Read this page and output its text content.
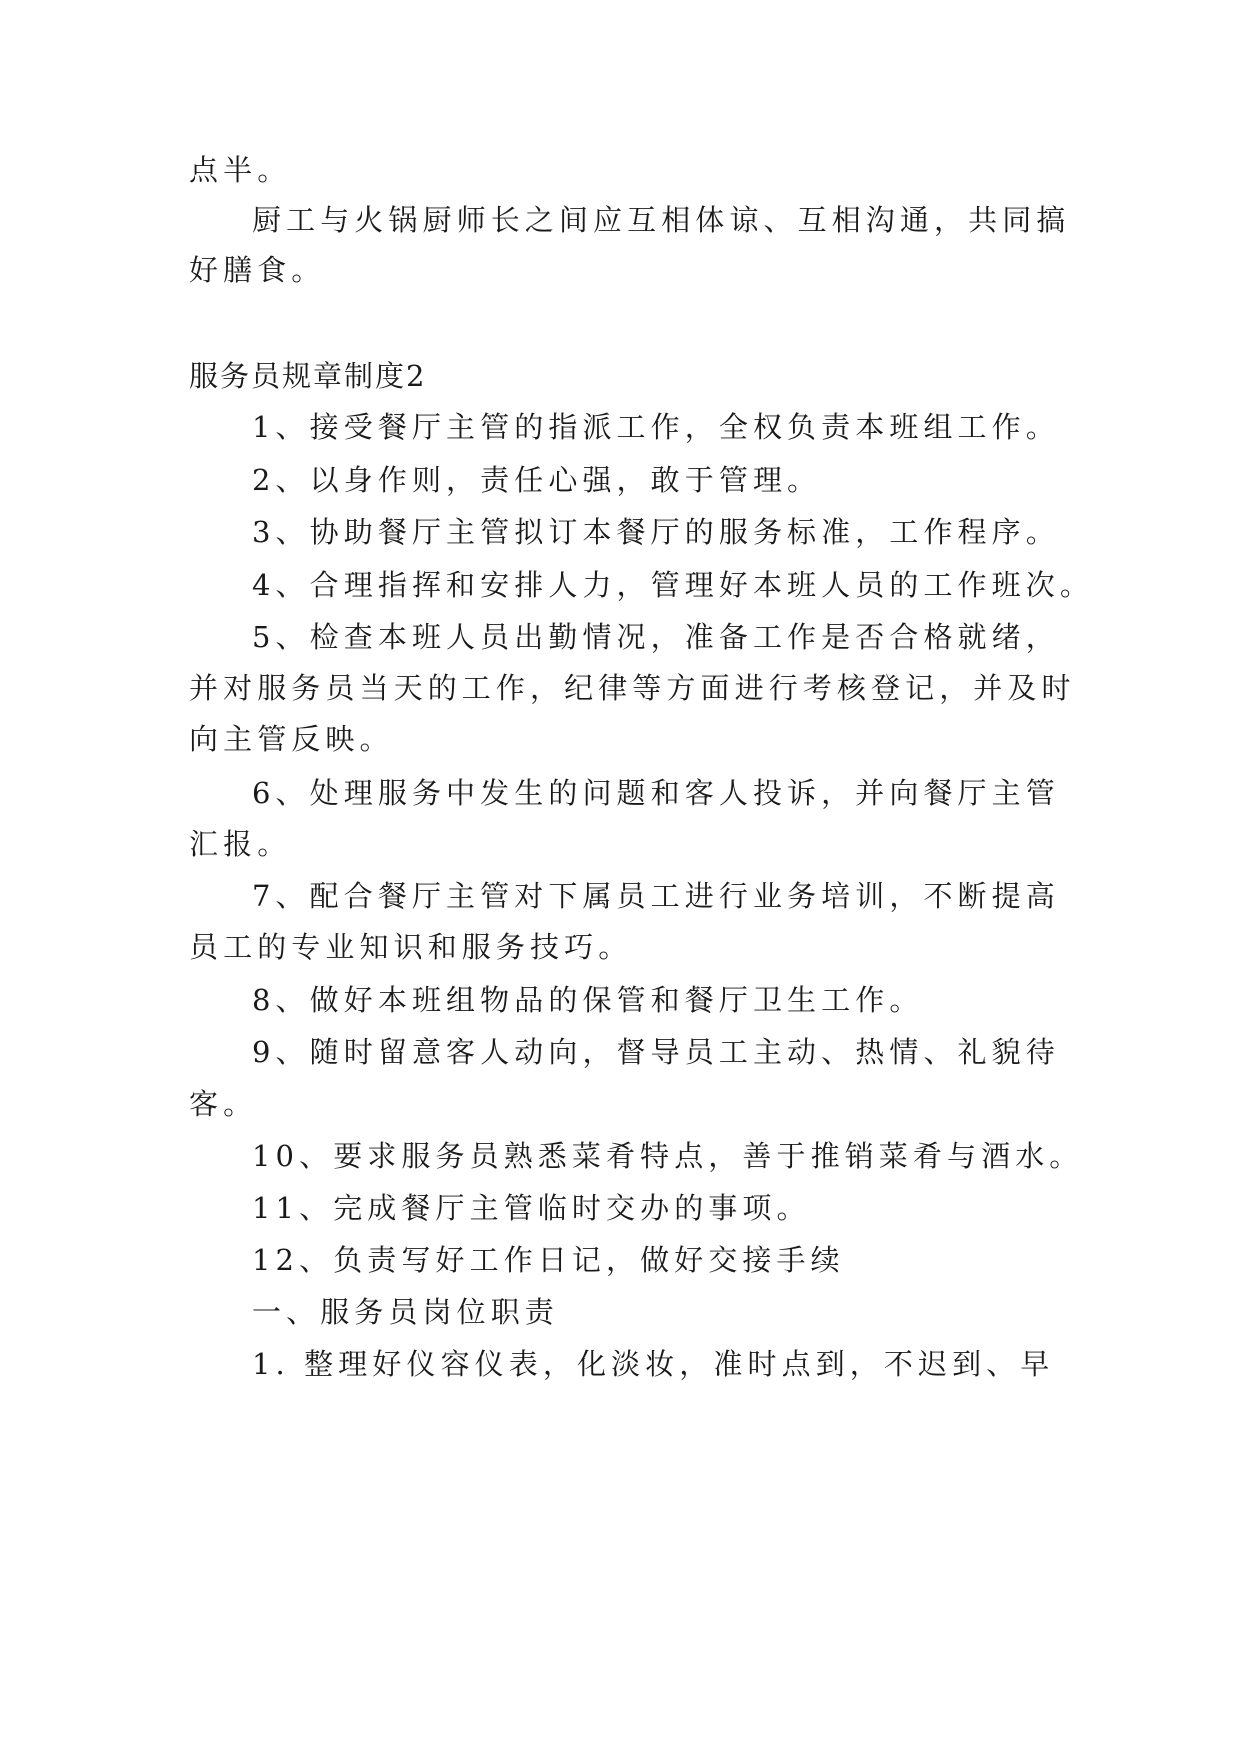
点半。
厨工与火锅厨师长之间应互相体谅、互相沟通，共同搞
好膳食。
服务员规章制度2
1、接受餐厅主管的指派工作，全权负责本班组工作。
2、以身作则，责任心强，敢于管理。
3、协助餐厅主管拟订本餐厅的服务标准，工作程序。
4、合理指挥和安排人力，管理好本班人员的工作班次。
5、检查本班人员出勤情况，准备工作是否合格就绪，
并对服务员当天的工作，纪律等方面进行考核登记，并及时
向主管反映。
6、处理服务中发生的问题和客人投诉，并向餐厅主管
汇报。
7、配合餐厅主管对下属员工进行业务培训，不断提高
员工的专业知识和服务技巧。
8、做好本班组物品的保管和餐厅卫生工作。
9、随时留意客人动向，督导员工主动、热情、礼貌待
客。
10、要求服务员熟悉菜肴特点，善于推销菜肴与酒水。
11、完成餐厅主管临时交办的事项。
12、负责写好工作日记，做好交接手续
一、服务员岗位职责
1. 整理好仪容仪表，化淡妆，准时点到，不迟到、早
